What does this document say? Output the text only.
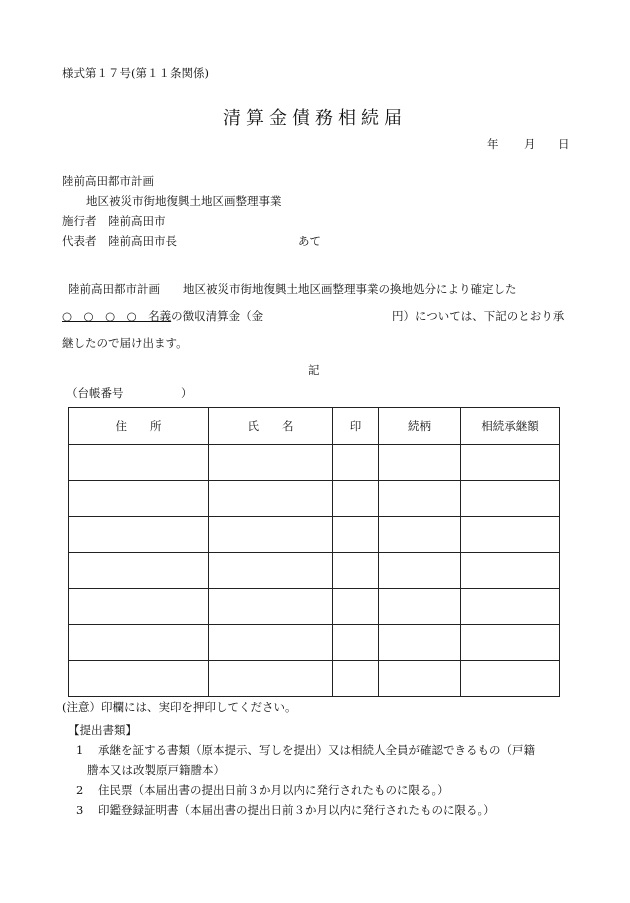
様式第１７号(第１１条関係)
清算金債務相続届
年 月 日
陸前高田都市計画
地区被災市街地復興土地区画整理事業
施行者　陸前高田市
代表者　陸前高田市長	あて
陸前高田都市計画　　地区被災市街地復興土地区画整理事業の換地処分により確定した
○　○　○　○　名義の徴収清算金（金	円）については、下記のとおり承
継したので届け出ます。
記
（台帳番号　　　　　）
住　　所	氏　　名	印	続柄	相続承継額

(注意）印欄には、実印を押印してください。
【提出書類】
1 承継を証する書類（原本提示、写しを提出）又は相続人全員が確認できるもの（戸籍
謄本又は改製原戸籍謄本）
2 住民票（本届出書の提出日前３か月以内に発行されたものに限る。）
3 印鑑登録証明書（本届出書の提出日前３か月以内に発行されたものに限る。）
